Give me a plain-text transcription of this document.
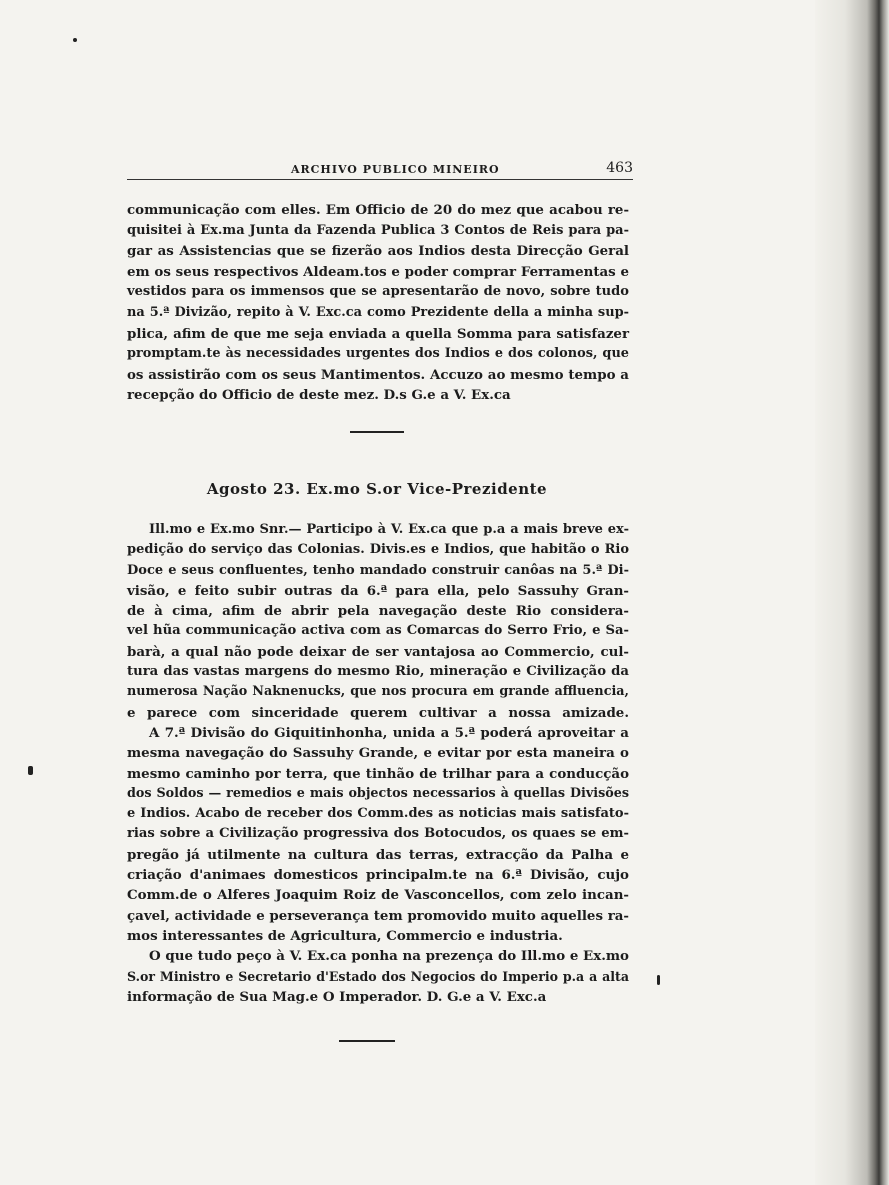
ARCHIVO PUBLICO MINEIRO	463
communicação com elles. Em Officio de 20 do mez que acabou re-
quisitei à Ex.ma Junta da Fazenda Publica 3 Contos de Reis para pa-
gar as Assistencias que se fizerão aos Indios desta Direcção Geral
em os seus respectivos Aldeam.tos e poder comprar Ferramentas e
vestidos para os immensos que se apresentarão de novo, sobre tudo
na 5.ª Divizão, repito à V. Exc.ca como Prezidente della a minha sup-
plica, afim de que me seja enviada a quella Somma para satisfazer
promptam.te às necessidades urgentes dos Indios e dos colonos, que
os assistirão com os seus Mantimentos. Accuzo ao mesmo tempo a
recepção do Officio de deste mez. D.s G.e a V. Ex.ca
Agosto 23. Ex.mo S.or Vice-Prezidente
Ill.mo e Ex.mo Snr.— Participo à V. Ex.ca que p.a a mais breve ex-
pedição do serviço das Colonias. Divis.es e Indios, que habitão o Rio
Doce e seus confluentes, tenho mandado construir canôas na 5.ª Di-
visão, e feito subir outras da 6.ª para ella, pelo Sassuhy Gran-
de à cima, afim de abrir pela navegação deste Rio considera-
vel hũa communicação activa com as Comarcas do Serro Frio, e Sa-
barà, a qual não pode deixar de ser vantajosa ao Commercio, cul-
tura das vastas margens do mesmo Rio, mineração e Civilização da
numerosa Nação Naknenucks, que nos procura em grande affluencia,
e parece com sinceridade querem cultivar a nossa amizade.
A 7.ª Divisão do Giquitinhonha, unida a 5.ª poderá aproveitar a
mesma navegação do Sassuhy Grande, e evitar por esta maneira o
mesmo caminho por terra, que tinhão de trilhar para a conducção
dos Soldos — remedios e mais objectos necessarios à quellas Divisões
e Indios. Acabo de receber dos Comm.des as noticias mais satisfato-
rias sobre a Civilização progressiva dos Botocudos, os quaes se em-
pregão já utilmente na cultura das terras, extracção da Palha e
criação d'animaes domesticos principalm.te na 6.ª Divisão, cujo
Comm.de o Alferes Joaquim Roiz de Vasconcellos, com zelo incan-
çavel, actividade e perseverança tem promovido muito aquelles ra-
mos interessantes de Agricultura, Commercio e industria.
O que tudo peço à V. Ex.ca ponha na prezença do Ill.mo e Ex.mo
S.or Ministro e Secretario d'Estado dos Negocios do Imperio p.a a alta
informação de Sua Mag.e O Imperador. D. G.e a V. Exc.a
